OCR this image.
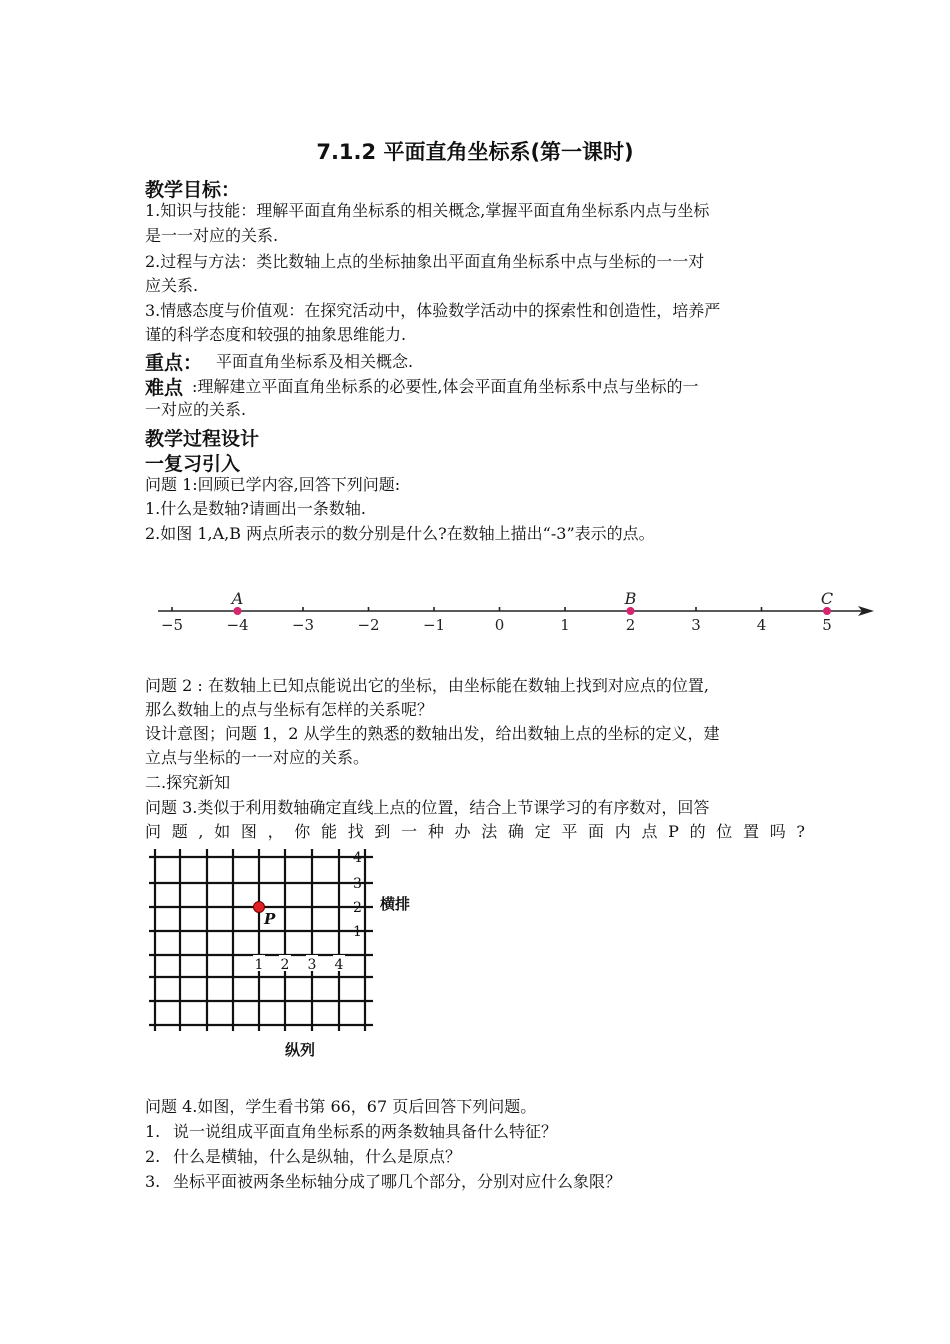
7.1.2 平面直角坐标系(第一课时)
教学目标：
1.知识与技能：理解平面直角坐标系的相关概念,掌握平面直角坐标系内点与坐标
是一一对应的关系.
2.过程与方法：类比数轴上点的坐标抽象出平面直角坐标系中点与坐标的一一对
应关系.
3.情感态度与价值观：在探究活动中，体验数学活动中的探索性和创造性，培养严
谨的科学态度和较强的抽象思维能力.
重点： 平面直角坐标系及相关概念.
难点 :理解建立平面直角坐标系的必要性,体会平面直角坐标系中点与坐标的一
一对应的关系.
教学过程设计
一复习引入
问题 1:回顾已学内容,回答下列问题:
1.什么是数轴?请画出一条数轴.
2.如图 1,A,B 两点所表示的数分别是什么?在数轴上描出“-3”表示的点。
−5	−4	−3	−2	−1	0	1	2	3	4	5
A	B	C
问题 2 : 在数轴上已知点能说出它的坐标，由坐标能在数轴上找到对应点的位置,
那么数轴上的点与坐标有怎样的关系呢？
设计意图；问题 1，2 从学生的熟悉的数轴出发，给出数轴上点的坐标的定义，建
立点与坐标的一一对应的关系。
二.探究新知
问题 3.类似于利用数轴确定直线上点的位置，结合上节课学习的有序数对，回答
问 题 , 如 图 ， 你 能 找 到 一 种 办 法 确 定 平 面 内 点 P 的 位 置 吗 ?
4
3
2
1
1 2 3 4
P
横排
纵列
问题 4.如图，学生看书第 66，67 页后回答下列问题。
1. 说一说组成平面直角坐标系的两条数轴具备什么特征？
2. 什么是横轴，什么是纵轴，什么是原点？
3. 坐标平面被两条坐标轴分成了哪几个部分，分别对应什么象限？
